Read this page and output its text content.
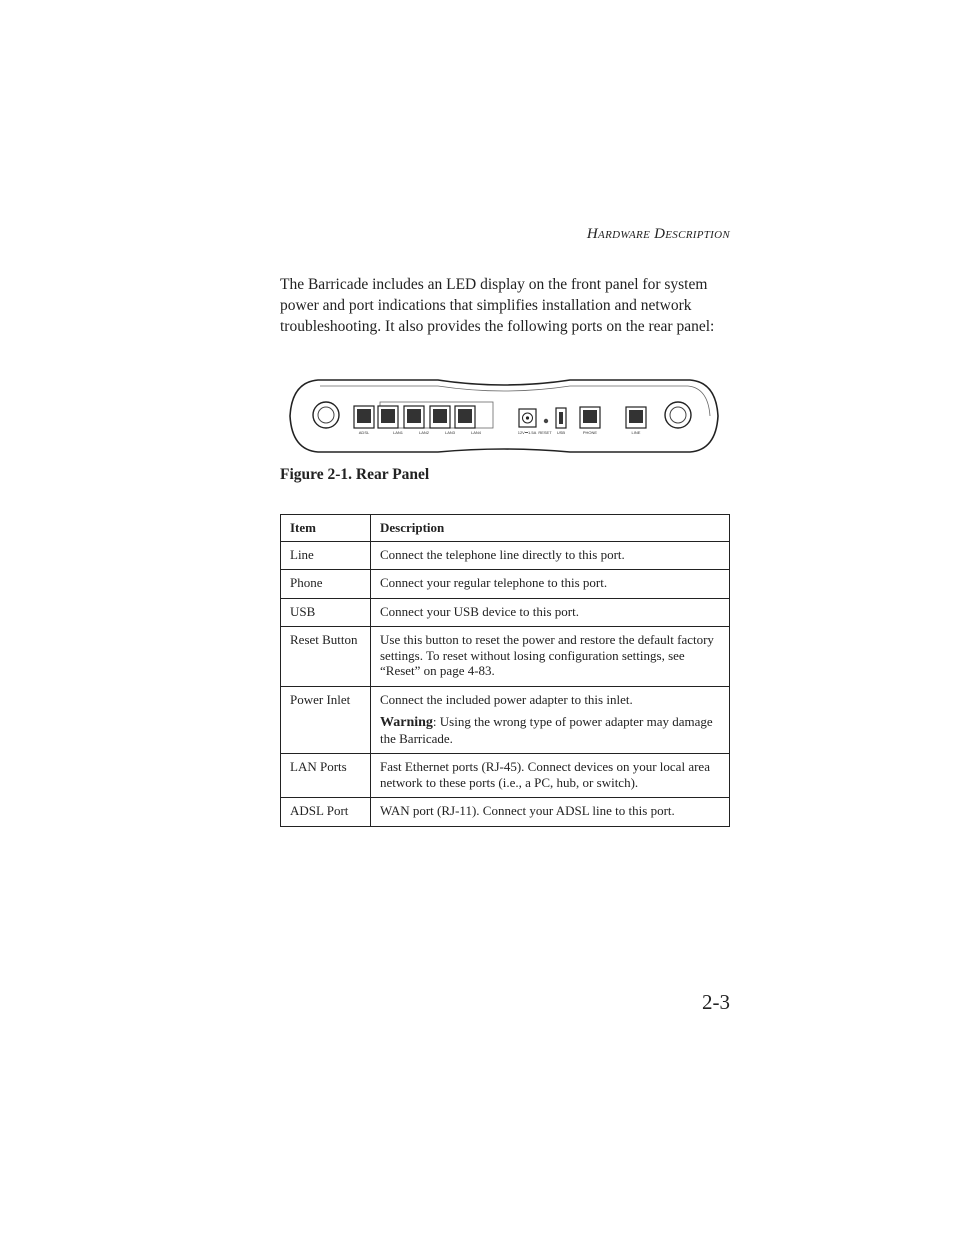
Hardware Description

The Barricade includes an LED display on the front panel for system power and port indications that simplifies installation and network troubleshooting. It also provides the following ports on the rear panel:

ADSL	LAN1	LAN2	LAN3	LAN4	12V⎓1.5A RESET USB	PHONE	LINE
Figure 2-1. Rear Panel
Item	Description
Line	Connect the telephone line directly to this port.
Phone	Connect your regular telephone to this port.
USB	Connect your USB device to this port.
Reset Button	Use this button to reset the power and restore the default factory settings. To reset without losing configuration settings, see “Reset” on page 4-83.
Power Inlet	Connect the included power adapter to this inlet.
Warning: Using the wrong type of power adapter may damage the Barricade.

LAN Ports	Fast Ethernet ports (RJ-45). Connect devices on your local area network to these ports (i.e., a PC, hub, or switch).
ADSL Port	WAN port (RJ-11). Connect your ADSL line to this port.
2-3
